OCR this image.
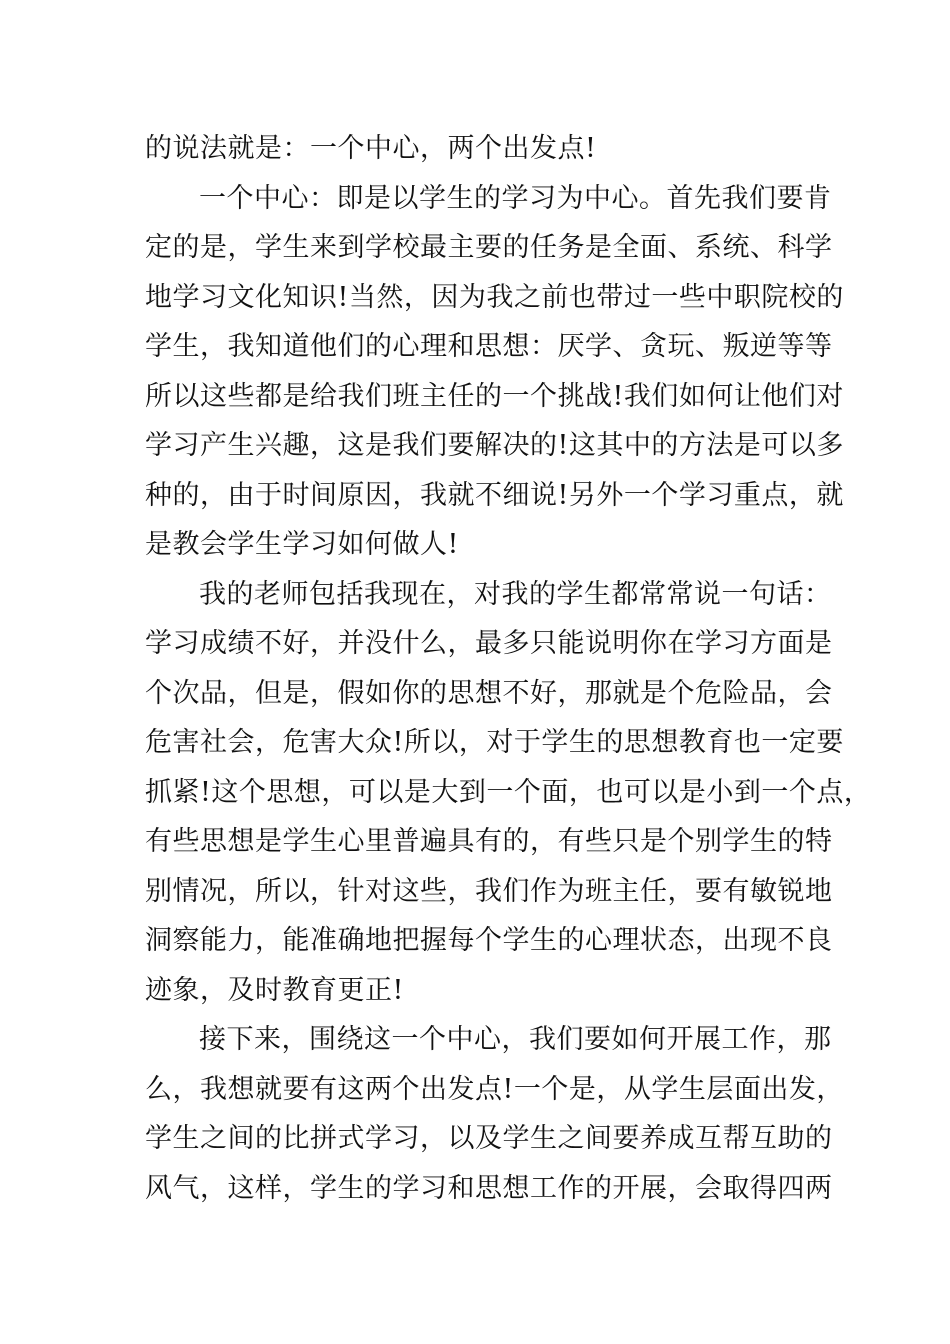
的说法就是：一个中心，两个出发点!
一个中心：即是以学生的学习为中心。首先我们要肯
定的是，学生来到学校最主要的任务是全面、系统、科学
地学习文化知识!当然，因为我之前也带过一些中职院校的
学生，我知道他们的心理和思想：厌学、贪玩、叛逆等等
所以这些都是给我们班主任的一个挑战!我们如何让他们对
学习产生兴趣，这是我们要解决的!这其中的方法是可以多
种的，由于时间原因，我就不细说!另外一个学习重点，就
是教会学生学习如何做人!
我的老师包括我现在，对我的学生都常常说一句话：
学习成绩不好，并没什么，最多只能说明你在学习方面是
个次品，但是，假如你的思想不好，那就是个危险品，会
危害社会，危害大众!所以，对于学生的思想教育也一定要
抓紧!这个思想，可以是大到一个面，也可以是小到一个点，
有些思想是学生心里普遍具有的，有些只是个别学生的特
别情况，所以，针对这些，我们作为班主任，要有敏锐地
洞察能力，能准确地把握每个学生的心理状态，出现不良
迹象，及时教育更正!
接下来，围绕这一个中心，我们要如何开展工作，那
么，我想就要有这两个出发点!一个是，从学生层面出发，
学生之间的比拼式学习，以及学生之间要养成互帮互助的
风气，这样，学生的学习和思想工作的开展，会取得四两
